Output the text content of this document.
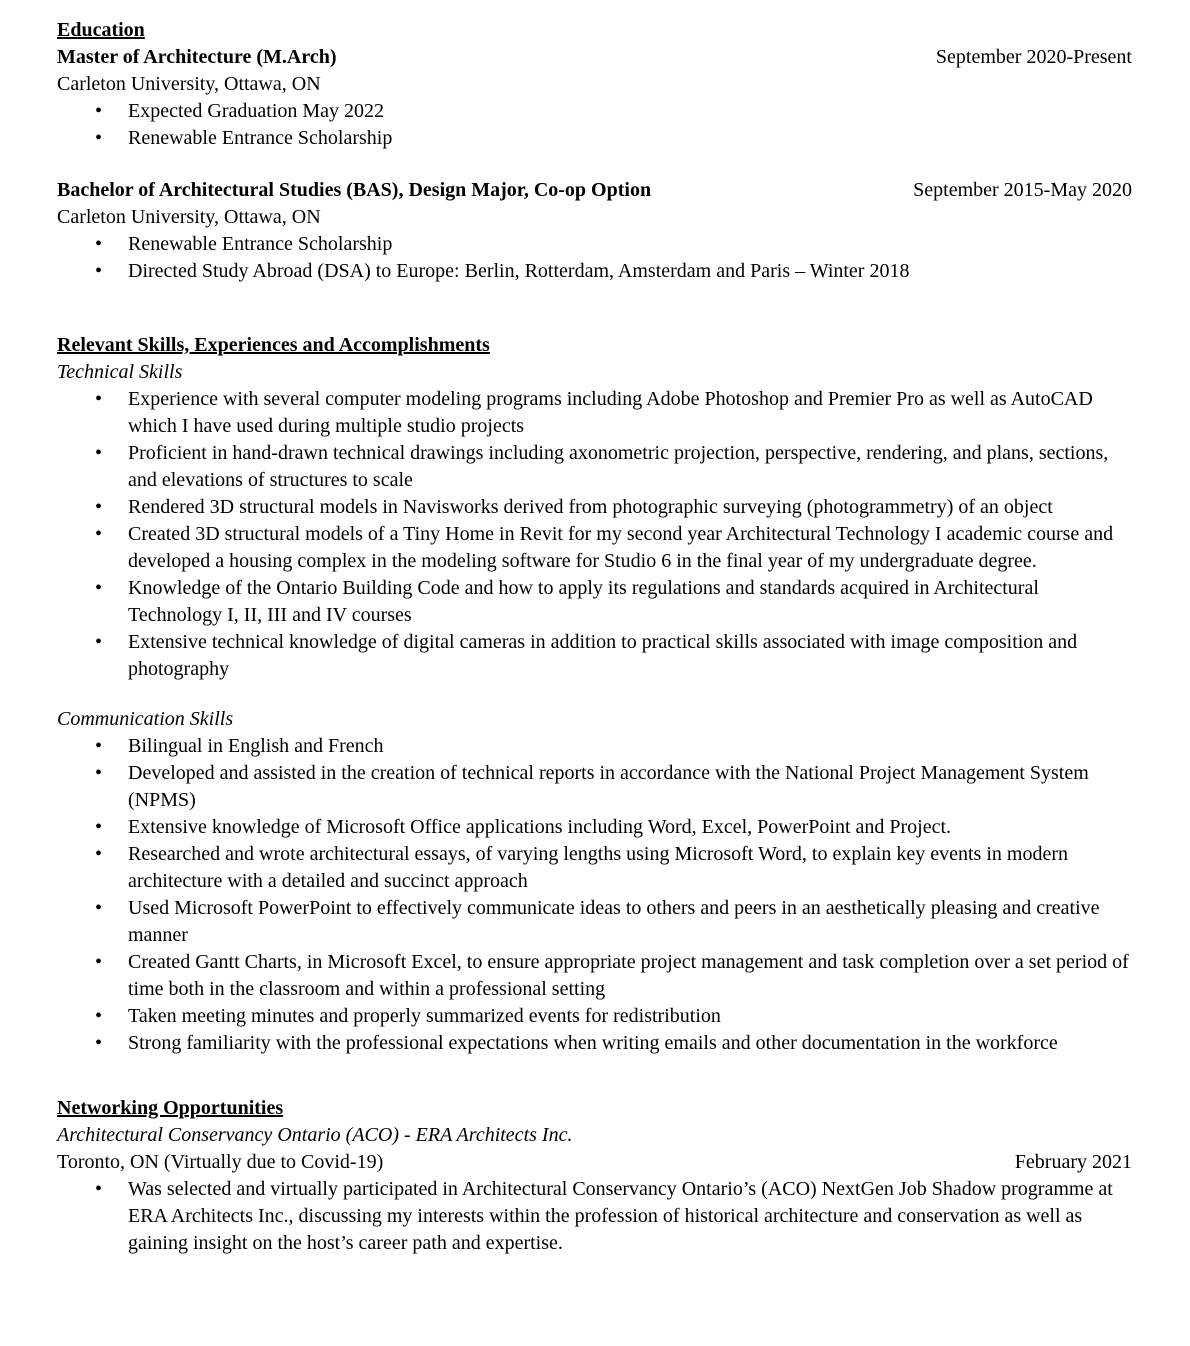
Education
Master of Architecture (M.Arch)	September 2020-Present
Carleton University, Ottawa, ON
• Expected Graduation May 2022
• Renewable Entrance Scholarship
Bachelor of Architectural Studies (BAS), Design Major, Co-op Option	September 2015-May 2020
Carleton University, Ottawa, ON
• Renewable Entrance Scholarship
• Directed Study Abroad (DSA) to Europe: Berlin, Rotterdam, Amsterdam and Paris – Winter 2018
Relevant Skills, Experiences and Accomplishments
Technical Skills
• Experience with several computer modeling programs including Adobe Photoshop and Premier Pro as well as AutoCAD which I have used during multiple studio projects
• Proficient in hand-drawn technical drawings including axonometric projection, perspective, rendering, and plans, sections, and elevations of structures to scale
• Rendered 3D structural models in Navisworks derived from photographic surveying (photogrammetry) of an object
• Created 3D structural models of a Tiny Home in Revit for my second year Architectural Technology I academic course and developed a housing complex in the modeling software for Studio 6 in the final year of my undergraduate degree.
• Knowledge of the Ontario Building Code and how to apply its regulations and standards acquired in Architectural Technology I, II, III and IV courses
• Extensive technical knowledge of digital cameras in addition to practical skills associated with image composition and photography
Communication Skills
• Bilingual in English and French
• Developed and assisted in the creation of technical reports in accordance with the National Project Management System (NPMS)
• Extensive knowledge of Microsoft Office applications including Word, Excel, PowerPoint and Project.
• Researched and wrote architectural essays, of varying lengths using Microsoft Word, to explain key events in modern architecture with a detailed and succinct approach
• Used Microsoft PowerPoint to effectively communicate ideas to others and peers in an aesthetically pleasing and creative manner
• Created Gantt Charts, in Microsoft Excel, to ensure appropriate project management and task completion over a set period of time both in the classroom and within a professional setting
• Taken meeting minutes and properly summarized events for redistribution
• Strong familiarity with the professional expectations when writing emails and other documentation in the workforce
Networking Opportunities
Architectural Conservancy Ontario (ACO) - ERA Architects Inc.
Toronto, ON (Virtually due to Covid-19)	February 2021
• Was selected and virtually participated in Architectural Conservancy Ontario’s (ACO) NextGen Job Shadow programme at ERA Architects Inc., discussing my interests within the profession of historical architecture and conservation as well as gaining insight on the host’s career path and expertise.
